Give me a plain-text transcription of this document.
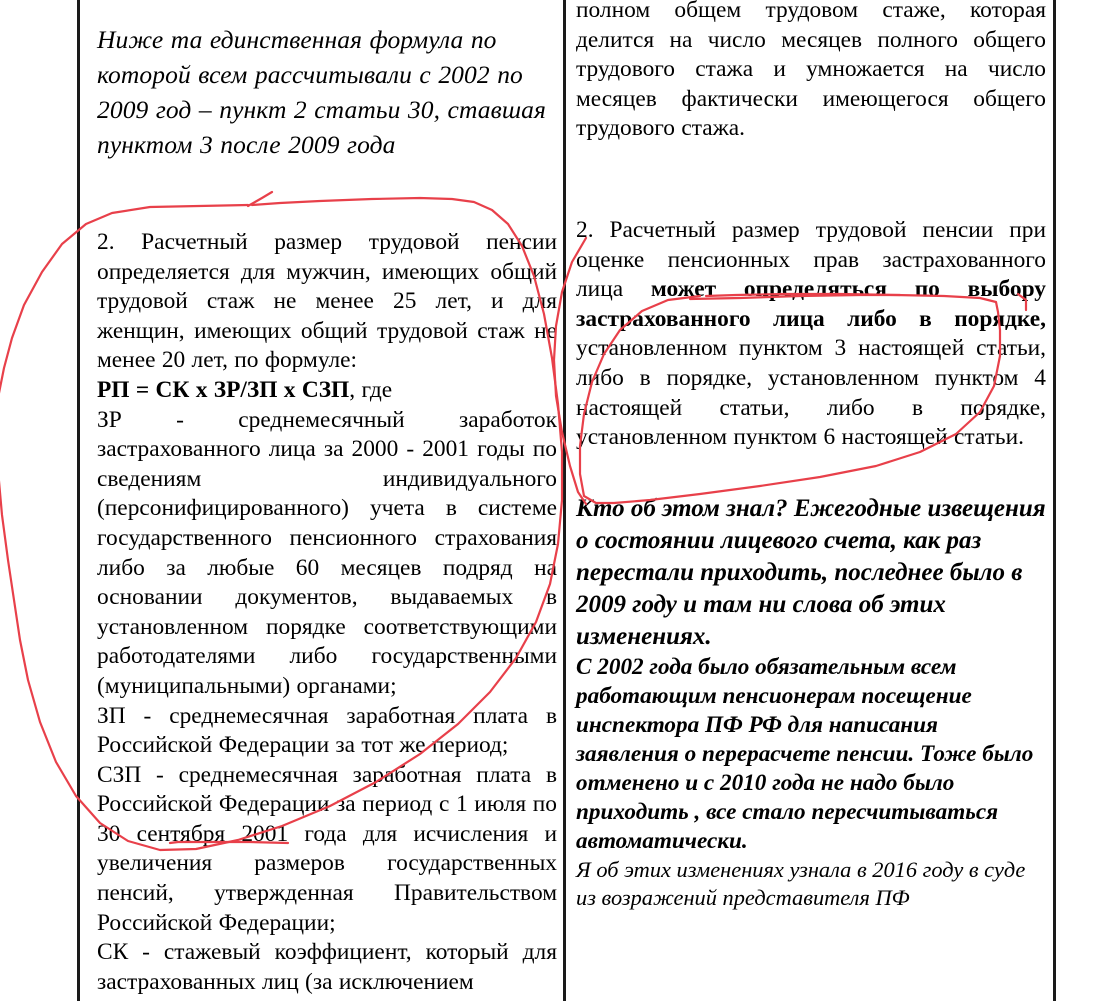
Ниже та единственная формула по которой всем рассчитывали с 2002 по 2009 год – пункт 2 статьи 30, ставшая пунктом 3 после 2009 года

2. Расчетный размер трудовой пенсии определяется для мужчин, имеющих общий трудовой стаж не менее 25 лет, и для женщин, имеющих общий трудовой стаж не менее 20 лет, по формуле:

РП = СК х ЗР/ЗП х СЗП, где

ЗР - среднемесячный заработок застрахованного лица за 2000 - 2001 годы по сведениям индивидуального (персонифицированного) учета в системе государственного пенсионного страхования либо за любые 60 месяцев подряд на основании документов, выдаваемых в установленном порядке соответствующими работодателями либо государственными (муниципальными) органами;

ЗП - среднемесячная заработная плата в Российской Федерации за тот же период;

СЗП - среднемесячная заработная плата в Российской Федерации за период с 1 июля по 30 сентября 2001 года для исчисления и увеличения размеров государственных пенсий, утвержденная Правительством Российской Федерации;

СК - стажевый коэффициент, который для застрахованных лиц (за исключением

полном общем трудовом стаже, которая делится на число месяцев полного общего трудового стажа и умножается на число месяцев фактически имеющегося общего трудового стажа.

2. Расчетный размер трудовой пенсии при оценке пенсионных прав застрахованного лица может определяться по выбору застрахованного лица либо в порядке, установленном пунктом 3 настоящей статьи, либо в порядке, установленном пунктом 4 настоящей статьи, либо в порядке, установленном пунктом 6 настоящей статьи.

Кто об этом знал? Ежегодные извещения о состоянии лицевого счета, как раз перестали приходить, последнее было в 2009 году и там ни слова об этих изменениях.

С 2002 года было обязательным всем работающим пенсионерам посещение инспектора ПФ РФ для написания заявления о перерасчете пенсии. Тоже было отменено и с 2010 года не надо было приходить , все стало пересчитываться автоматически.

Я об этих изменениях узнала в 2016 году в суде из возражений представителя ПФ
